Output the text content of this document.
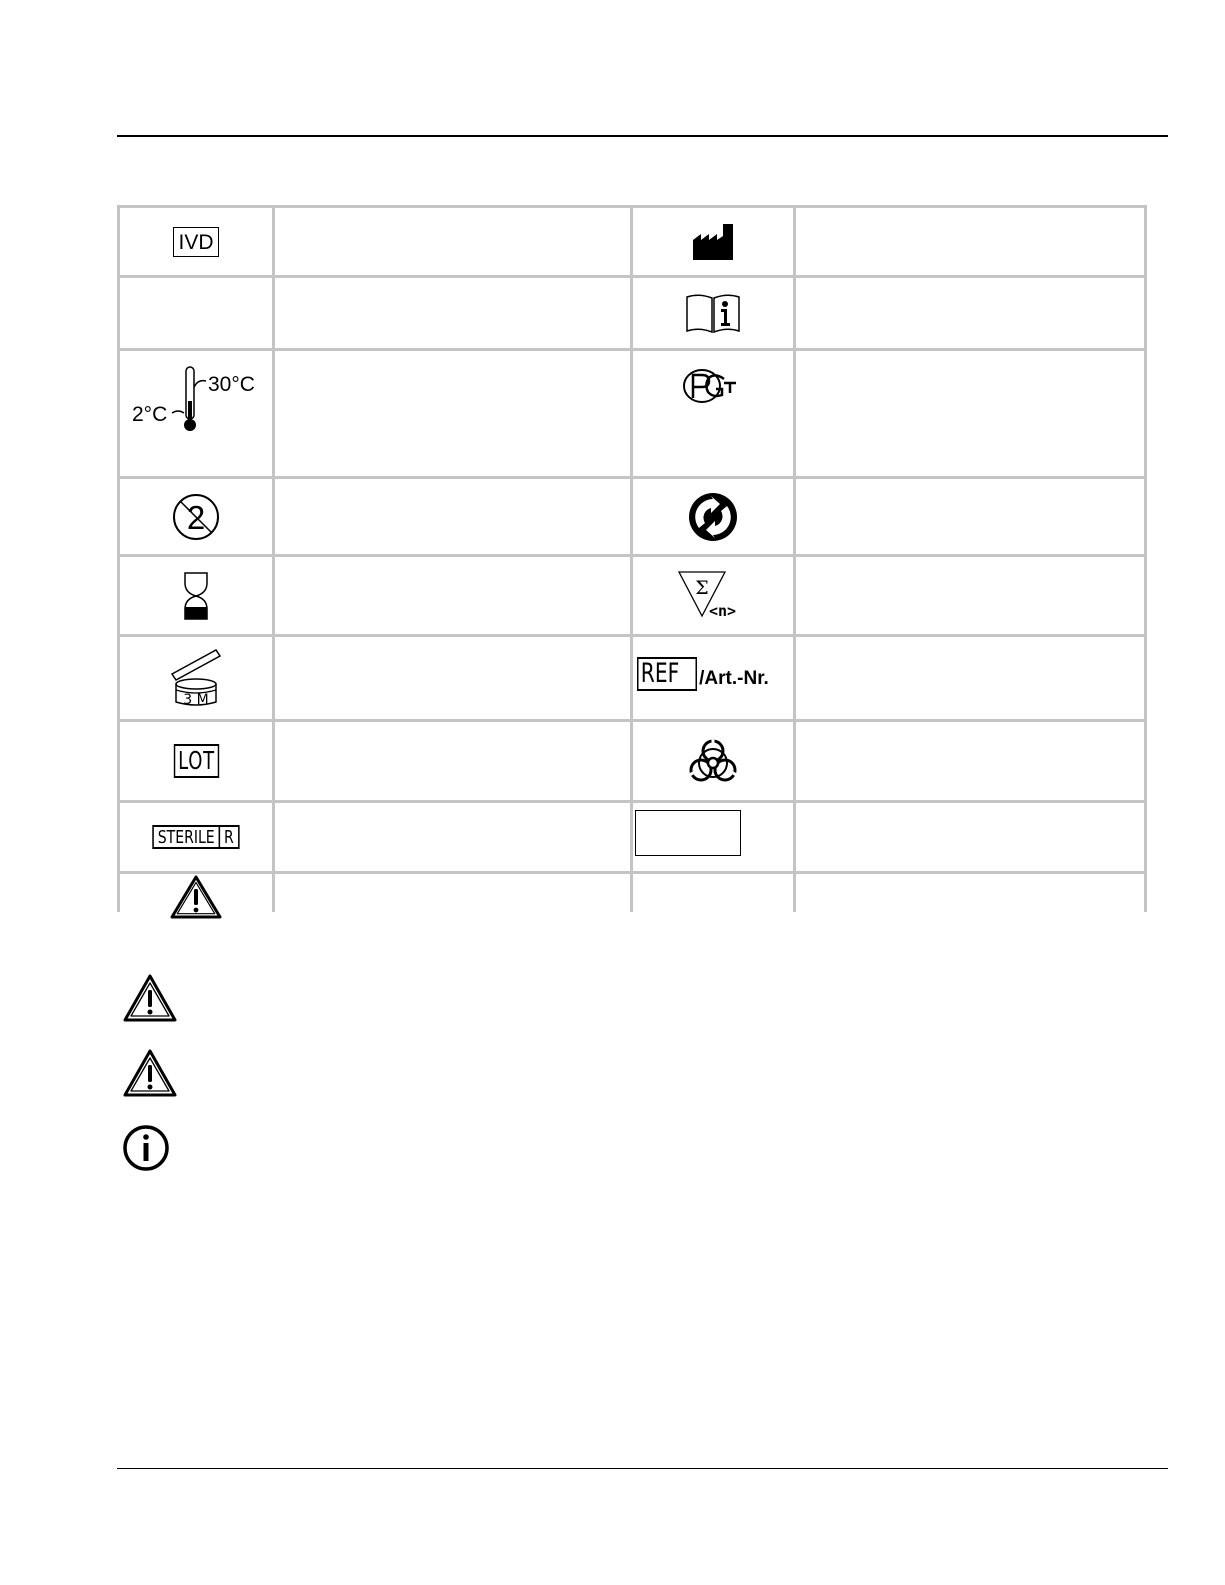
IVD
2°C
30°C
2
Σ
<n>
3 M
REF	/Art.-Nr.
LOT
STERILE R
